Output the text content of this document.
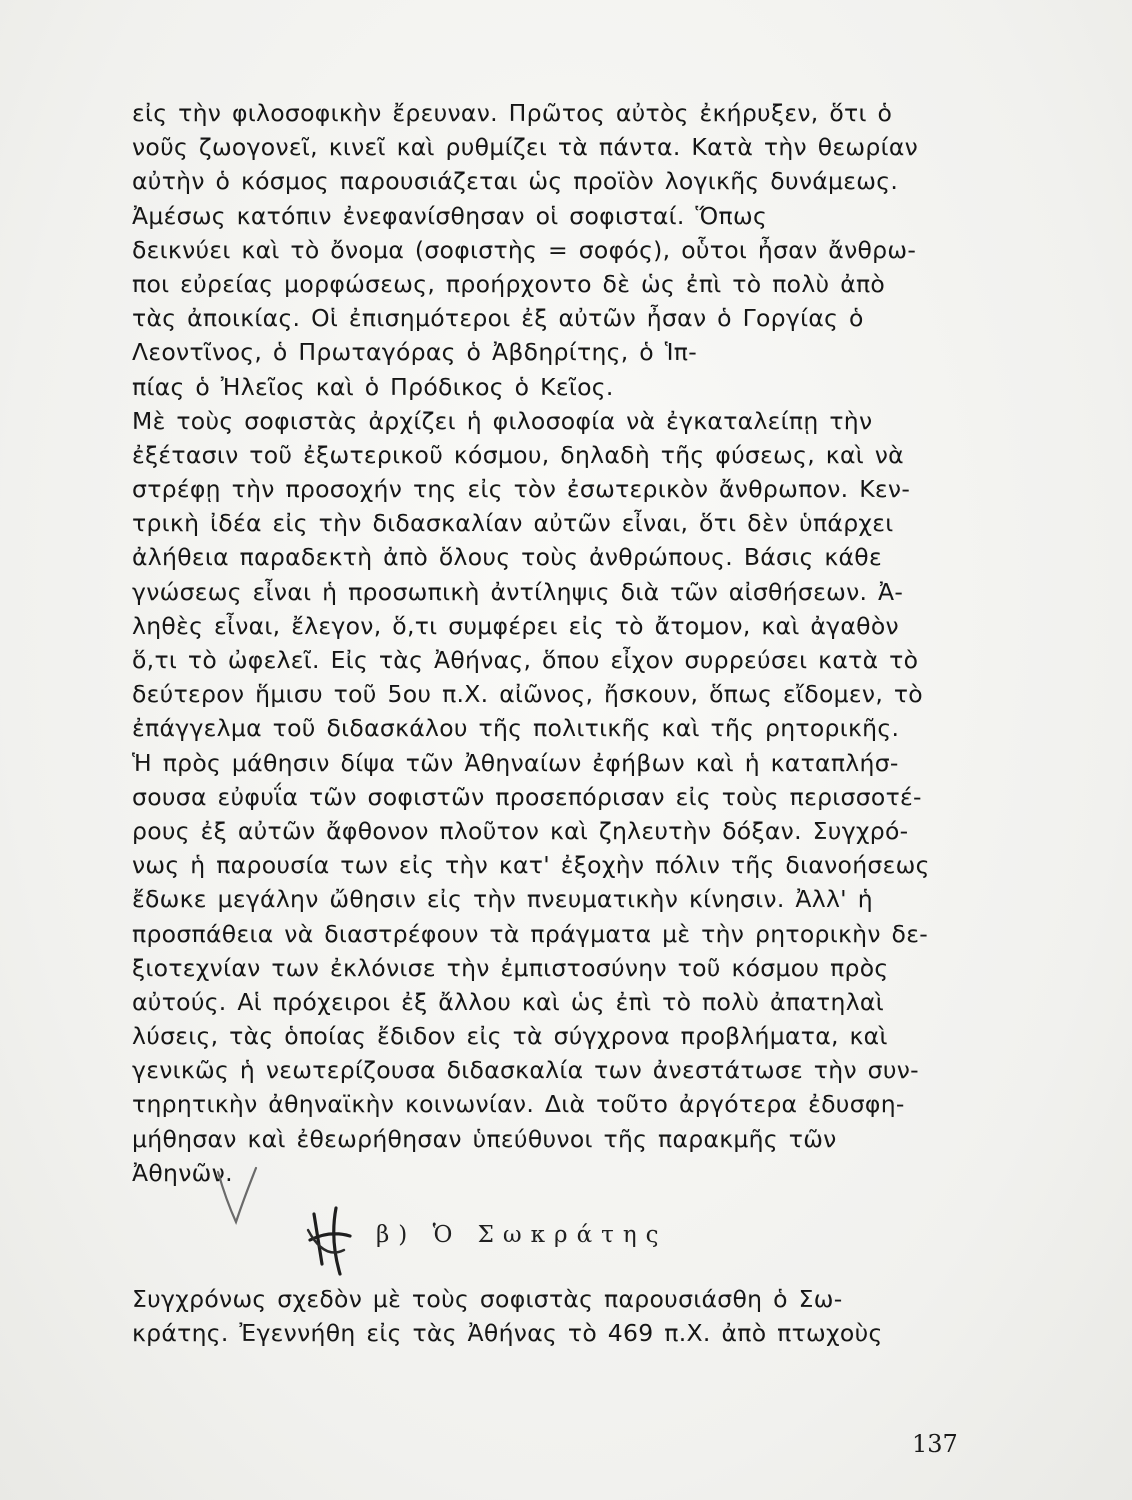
εἰς τὴν φιλοσοφικὴν ἔρευναν. Πρῶτος αὐτὸς ἐκήρυξεν, ὅτι ὁ
νοῦς ζωογονεῖ, κινεῖ καὶ ρυθμίζει τὰ πάντα. Κατὰ τὴν θεωρίαν
αὐτὴν ὁ κόσμος παρουσιάζεται ὡς προϊὸν λογικῆς δυνάμεως.
Ἀμέσως κατόπιν ἐνεφανίσθησαν οἱ σοφισταί. Ὅπως
δεικνύει καὶ τὸ ὄνομα (σοφιστὴς = σοφός), οὗτοι ἦσαν ἄνθρω-
ποι εὐρείας μορφώσεως, προήρχοντο δὲ ὡς ἐπὶ τὸ πολὺ ἀπὸ
τὰς ἀποικίας. Οἱ ἐπισημότεροι ἐξ αὐτῶν ἦσαν ὁ Γοργίας ὁ
Λεοντῖνος, ὁ Πρωταγόρας ὁ Ἀβδηρίτης, ὁ Ἱπ-
πίας ὁ Ἠλεῖος καὶ ὁ Πρόδικος ὁ Κεῖος.
Μὲ τοὺς σοφιστὰς ἀρχίζει ἡ φιλοσοφία νὰ ἐγκαταλείπῃ τὴν
ἐξέτασιν τοῦ ἐξωτερικοῦ κόσμου, δηλαδὴ τῆς φύσεως, καὶ νὰ
στρέφῃ τὴν προσοχήν της εἰς τὸν ἐσωτερικὸν ἄνθρωπον. Κεν-
τρικὴ ἰδέα εἰς τὴν διδασκαλίαν αὐτῶν εἶναι, ὅτι δὲν ὑπάρχει
ἀλήθεια παραδεκτὴ ἀπὸ ὅλους τοὺς ἀνθρώπους. Βάσις κάθε
γνώσεως εἶναι ἡ προσωπικὴ ἀντίληψις διὰ τῶν αἰσθήσεων. Ἀ-
ληθὲς εἶναι, ἔλεγον, ὅ,τι συμφέρει εἰς τὸ ἄτομον, καὶ ἀγαθὸν
ὅ,τι τὸ ὠφελεῖ. Εἰς τὰς Ἀθήνας, ὅπου εἶχον συρρεύσει κατὰ τὸ
δεύτερον ἥμισυ τοῦ 5ου π.Χ. αἰῶνος, ἤσκουν, ὅπως εἴδομεν, τὸ
ἐπάγγελμα τοῦ διδασκάλου τῆς πολιτικῆς καὶ τῆς ρητορικῆς.
Ἡ πρὸς μάθησιν δίψα τῶν Ἀθηναίων ἐφήβων καὶ ἡ καταπλήσ-
σουσα εὐφυΐα τῶν σοφιστῶν προσεπόρισαν εἰς τοὺς περισσοτέ-
ρους ἐξ αὐτῶν ἄφθονον πλοῦτον καὶ ζηλευτὴν δόξαν. Συγχρό-
νως ἡ παρουσία των εἰς τὴν κατ' ἐξοχὴν πόλιν τῆς διανοήσεως
ἔδωκε μεγάλην ὤθησιν εἰς τὴν πνευματικὴν κίνησιν. Ἀλλ' ἡ
προσπάθεια νὰ διαστρέφουν τὰ πράγματα μὲ τὴν ρητορικὴν δε-
ξιοτεχνίαν των ἐκλόνισε τὴν ἐμπιστοσύνην τοῦ κόσμου πρὸς
αὐτούς. Αἱ πρόχειροι ἐξ ἄλλου καὶ ὡς ἐπὶ τὸ πολὺ ἀπατηλαὶ
λύσεις, τὰς ὁποίας ἔδιδον εἰς τὰ σύγχρονα προβλήματα, καὶ
γενικῶς ἡ νεωτερίζουσα διδασκαλία των ἀνεστάτωσε τὴν συν-
τηρητικὴν ἀθηναϊκὴν κοινωνίαν. Διὰ τοῦτο ἀργότερα ἐδυσφη-
μήθησαν καὶ ἐθεωρήθησαν ὑπεύθυνοι τῆς παρακμῆς τῶν
Ἀθηνῶν.
β) Ὁ Σωκράτης
Συγχρόνως σχεδὸν μὲ τοὺς σοφιστὰς παρουσιάσθη ὁ Σω-
κράτης. Ἐγεννήθη εἰς τὰς Ἀθήνας τὸ 469 π.Χ. ἀπὸ πτωχοὺς
137
